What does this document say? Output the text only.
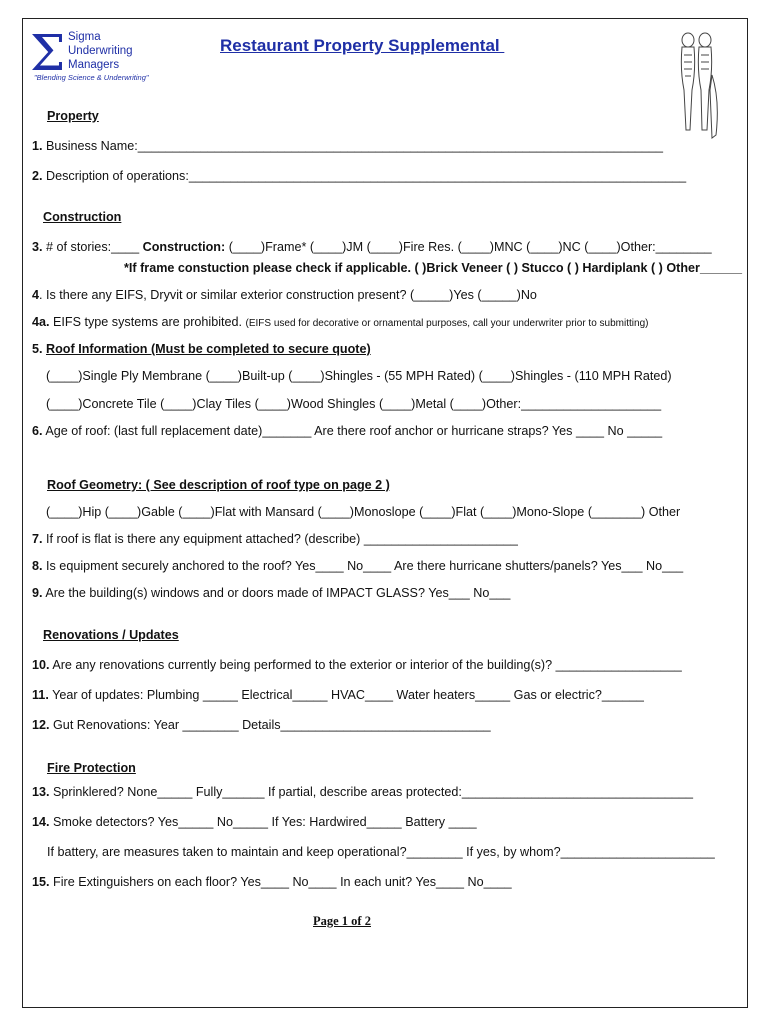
Σ Sigma
Underwriting
Managers
"Blending Science & Underwriting"
Restaurant Property Supplemental
Property
1. Business Name:___________________________________________________________________________
2. Description of operations:_______________________________________________________________________
Construction
3. # of stories:____ Construction: (____)Frame* (____)JM (____)Fire Res. (____)MNC (____)NC (____)Other:________
*If frame constuction please check if applicable. ( )Brick Veneer ( ) Stucco ( ) Hardiplank ( ) Other______
4. Is there any EIFS, Dryvit or similar exterior construction present? (_____)Yes (_____)No
4a. EIFS type systems are prohibited. (EIFS used for decorative or ornamental purposes, call your underwriter prior to submitting)
5. Roof Information (Must be completed to secure quote)
(____)Single Ply Membrane (____)Built-up (____)Shingles - (55 MPH Rated) (____)Shingles - (110 MPH Rated)
(____)Concrete Tile (____)Clay Tiles (____)Wood Shingles (____)Metal (____)Other:____________________
6. Age of roof: (last full replacement date)_______ Are there roof anchor or hurricane straps? Yes ____ No _____
Roof Geometry: ( See description of roof type on page 2 )
(____)Hip (____)Gable (____)Flat with Mansard (____)Monoslope (____)Flat (____)Mono-Slope (_______) Other
7. If roof is flat is there any equipment attached? (describe) ______________________
8. Is equipment securely anchored to the roof? Yes____ No____ Are there hurricane shutters/panels? Yes___ No___
9. Are the building(s) windows and or doors made of IMPACT GLASS? Yes___ No___
Renovations / Updates
10. Are any renovations currently being performed to the exterior or interior of the building(s)? __________________
11. Year of updates: Plumbing _____ Electrical_____ HVAC____ Water heaters_____ Gas or electric?______
12. Gut Renovations: Year ________ Details______________________________
Fire Protection
13. Sprinklered? None_____ Fully______ If partial, describe areas protected:_________________________________
14. Smoke detectors? Yes_____ No_____ If Yes: Hardwired_____ Battery ____
If battery, are measures taken to maintain and keep operational?________ If yes, by whom?______________________
15. Fire Extinguishers on each floor? Yes____ No____ In each unit? Yes____ No____
Page 1 of 2
